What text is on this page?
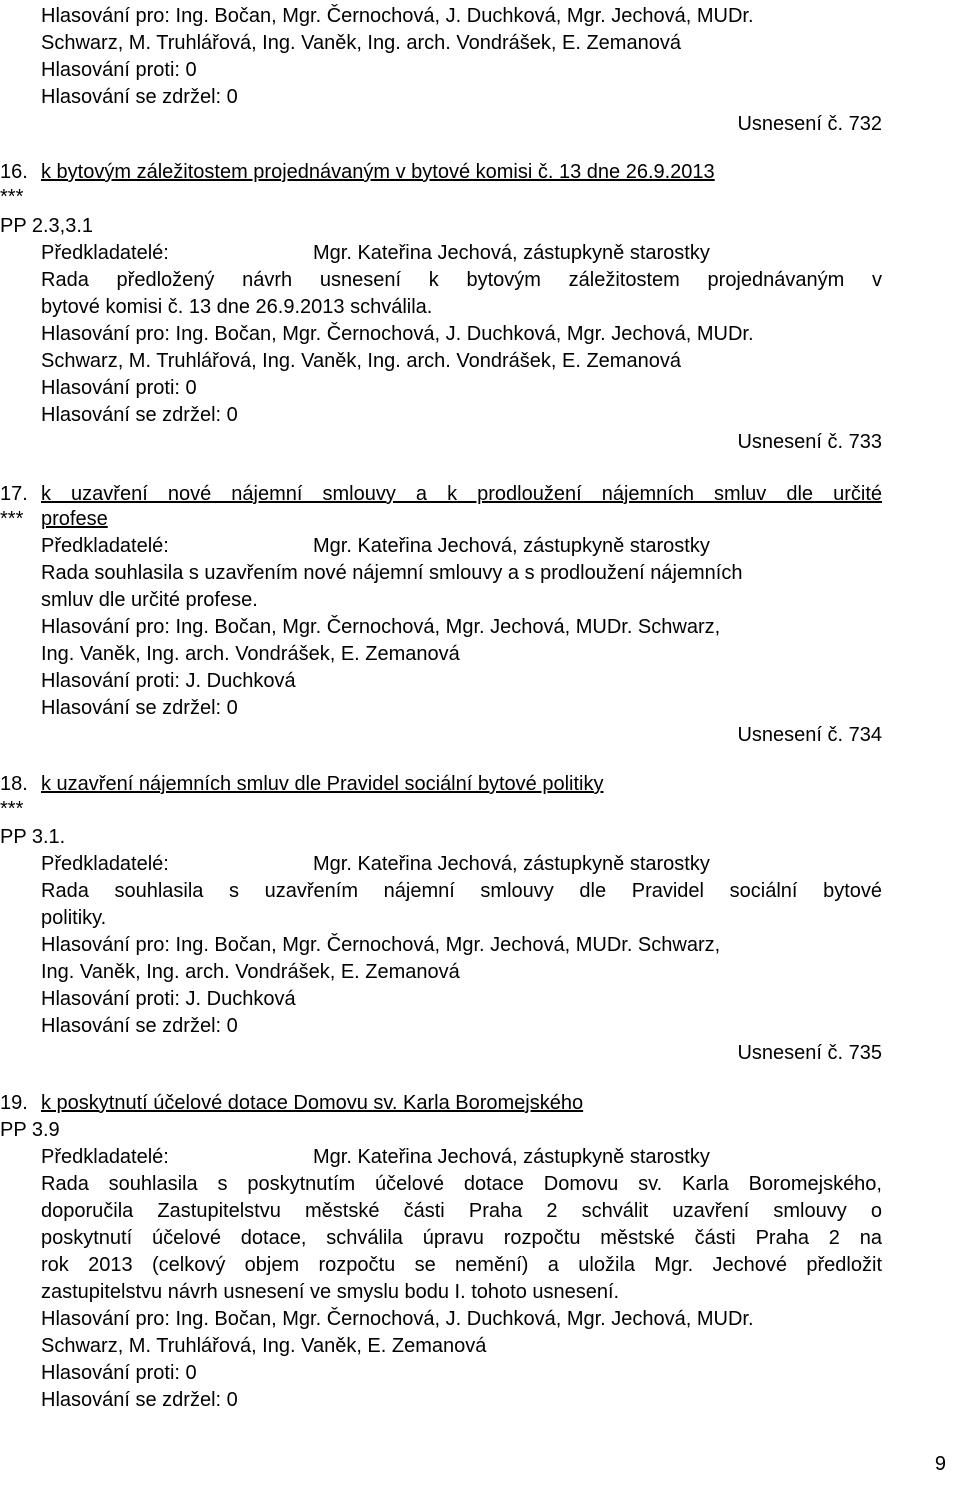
Hlasování pro: Ing. Bočan, Mgr. Černochová, J. Duchková, Mgr. Jechová, MUDr.
Schwarz, M. Truhlářová, Ing. Vaněk, Ing. arch. Vondrášek, E. Zemanová
Hlasování proti: 0
Hlasování se zdržel: 0
Usnesení č. 732
16. k bytovým záležitostem projednávaným v bytové komisi č. 13 dne 26.9.2013
***
PP 2.3,3.1
Předkladatelé:	Mgr. Kateřina Jechová, zástupkyně starostky
Rada předložený návrh usnesení k bytovým záležitostem projednávaným v
bytové komisi č. 13 dne 26.9.2013 schválila.
Hlasování pro: Ing. Bočan, Mgr. Černochová, J. Duchková, Mgr. Jechová, MUDr.
Schwarz, M. Truhlářová, Ing. Vaněk, Ing. arch. Vondrášek, E. Zemanová
Hlasování proti: 0
Hlasování se zdržel: 0
Usnesení č. 733
17. k uzavření nové nájemní smlouvy a k prodloužení nájemních smluv dle určité
*** profese
Předkladatelé:	Mgr. Kateřina Jechová, zástupkyně starostky
Rada souhlasila s uzavřením nové nájemní smlouvy a s prodloužení nájemních
smluv dle určité profese.
Hlasování pro: Ing. Bočan, Mgr. Černochová, Mgr. Jechová, MUDr. Schwarz,
Ing. Vaněk, Ing. arch. Vondrášek, E. Zemanová
Hlasování proti: J. Duchková
Hlasování se zdržel: 0
Usnesení č. 734
18. k uzavření nájemních smluv dle Pravidel sociální bytové politiky
***
PP 3.1.
Předkladatelé:	Mgr. Kateřina Jechová, zástupkyně starostky
Rada souhlasila s uzavřením nájemní smlouvy dle Pravidel sociální bytové
politiky.
Hlasování pro: Ing. Bočan, Mgr. Černochová, Mgr. Jechová, MUDr. Schwarz,
Ing. Vaněk, Ing. arch. Vondrášek, E. Zemanová
Hlasování proti: J. Duchková
Hlasování se zdržel: 0
Usnesení č. 735
19. k poskytnutí účelové dotace Domovu sv. Karla Boromejského
PP 3.9
Předkladatelé:	Mgr. Kateřina Jechová, zástupkyně starostky
Rada souhlasila s poskytnutím účelové dotace Domovu sv. Karla Boromejského,
doporučila Zastupitelstvu městské části Praha 2 schválit uzavření smlouvy o
poskytnutí účelové dotace, schválila úpravu rozpočtu městské části Praha 2 na
rok 2013 (celkový objem rozpočtu se nemění) a uložila Mgr. Jechové předložit
zastupitelstvu návrh usnesení ve smyslu bodu I. tohoto usnesení.
Hlasování pro: Ing. Bočan, Mgr. Černochová, J. Duchková, Mgr. Jechová, MUDr.
Schwarz, M. Truhlářová, Ing. Vaněk, E. Zemanová
Hlasování proti: 0
Hlasování se zdržel: 0
9
